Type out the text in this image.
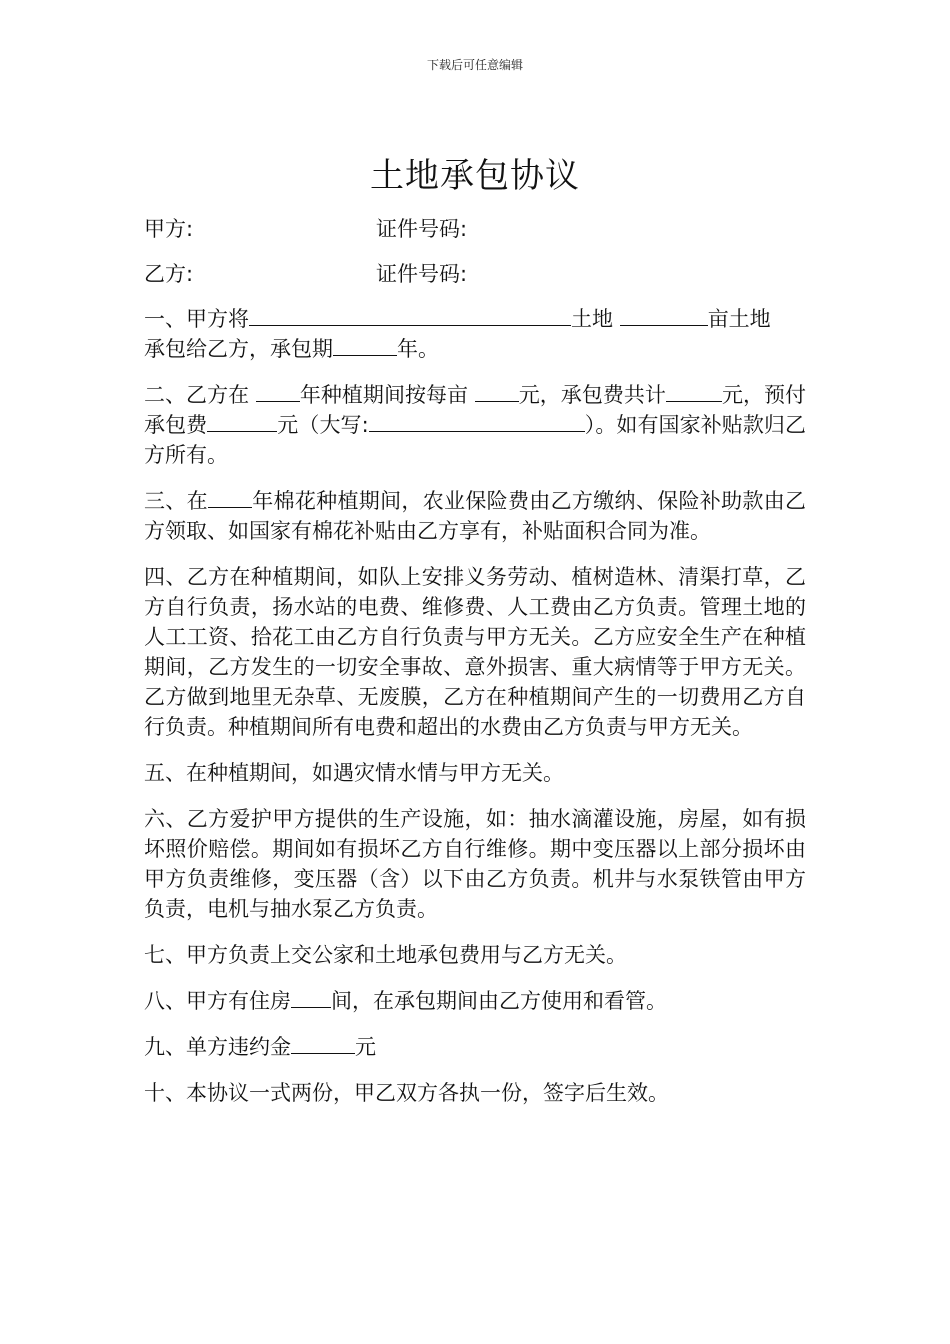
下载后可任意编辑
土地承包协议
甲方:	证件号码:
乙方:	证件号码:

一、甲方将	土地	亩土地
承包给乙方，承包期	年。

二、乙方在 年种植期间按每亩 元，承包费共计	元，预付承包费	元（大写:	）。如有国家补贴款归乙方所有。

三、在 年棉花种植期间，农业保险费由乙方缴纳、保险补助款由乙方领取、如国家有棉花补贴由乙方享有，补贴面积合同为准。

四、乙方在种植期间，如队上安排义务劳动、植树造林、清渠打草，乙方自行负责，扬水站的电费、维修费、人工费由乙方负责。管理土地的人工工资、拾花工由乙方自行负责与甲方无关。乙方应安全生产在种植期间，乙方发生的一切安全事故、意外损害、重大病情等于甲方无关。乙方做到地里无杂草、无废膜，乙方在种植期间产生的一切费用乙方自行负责。种植期间所有电费和超出的水费由乙方负责与甲方无关。

五、在种植期间，如遇灾情水情与甲方无关。

六、乙方爱护甲方提供的生产设施，如：抽水滴灌设施，房屋，如有损坏照价赔偿。期间如有损坏乙方自行维修。期中变压器以上部分损坏由甲方负责维修，变压器（含）以下由乙方负责。机井与水泵铁管由甲方负责，电机与抽水泵乙方负责。

七、甲方负责上交公家和土地承包费用与乙方无关。

八、甲方有住房 间，在承包期间由乙方使用和看管。

九、单方违约金	元

十、本协议一式两份，甲乙双方各执一份，签字后生效。
